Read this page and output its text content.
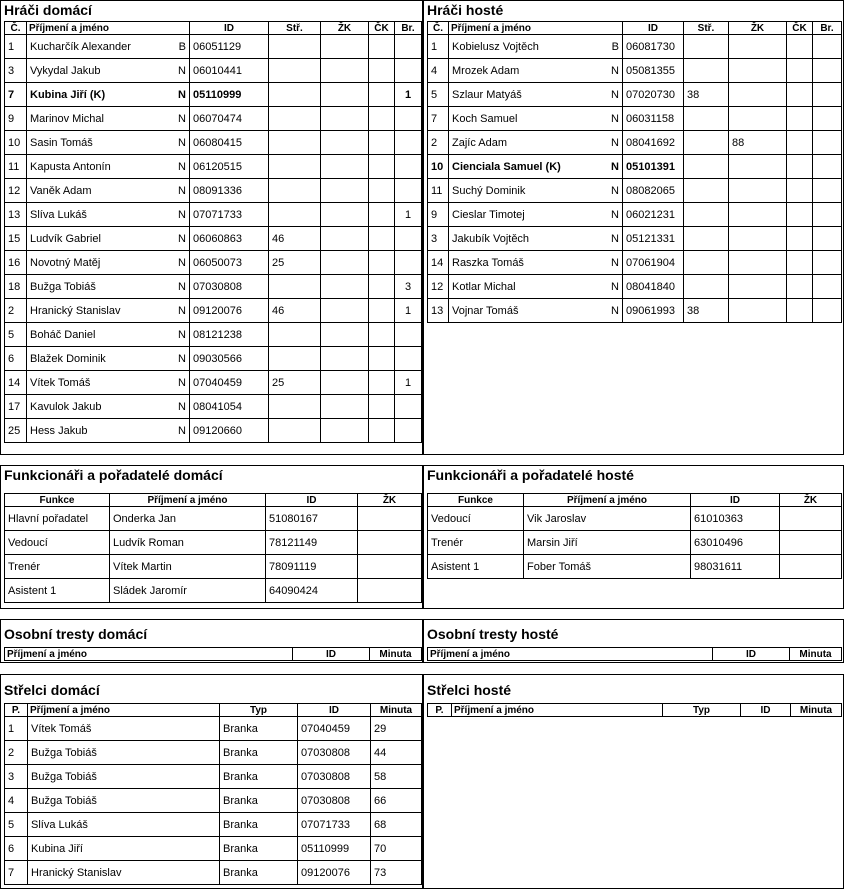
Hráči domácí
Č.	Příjmení a jméno	ID	Stř.	ŽK	ČK	Br.
1	Kucharčík Alexander B	06051129				
3	Vykydal Jakub N	06010441				
7	Kubina Jiří (K) N	05110999				1
9	Marinov Michal N	06070474				
10	Sasin Tomáš N	06080415				
11	Kapusta Antonín N	06120515				
12	Vaněk Adam N	08091336				
13	Slíva Lukáš N	07071733				1
15	Ludvík Gabriel N	06060863	46			
16	Novotný Matěj N	06050073	25			
18	Bužga Tobiáš N	07030808				3
2	Hranický Stanislav N	09120076	46			1
5	Boháč Daniel N	08121238				
6	Blažek Dominik N	09030566				
14	Vítek Tomáš N	07040459	25			1
17	Kavulok Jakub N	08041054				
25	Hess Jakub N	09120660				
Hráči hosté
Č.	Příjmení a jméno	ID	Stř.	ŽK	ČK	Br.
1	Kobielusz Vojtěch B	06081730				
4	Mrozek Adam N	05081355				
5	Szlaur Matyáš N	07020730	38			
7	Koch Samuel N	06031158				
2	Zajíc Adam N	08041692		88		
10	Cienciala Samuel (K) N	05101391				
11	Suchý Dominik N	08082065				
9	Cieslar Timotej N	06021231				
3	Jakubík Vojtěch N	05121331				
14	Raszka Tomáš N	07061904				
12	Kotlar Michal N	08041840				
13	Vojnar Tomáš N	09061993	38			
Funkcionáři a pořadatelé domácí
Funkce	Příjmení a jméno	ID	ŽK
Hlavní pořadatel	Onderka Jan	51080167	
Vedoucí	Ludvík Roman	78121149	
Trenér	Vítek Martin	78091119	
Asistent 1	Sládek Jaromír	64090424	
Funkcionáři a pořadatelé hosté
Funkce	Příjmení a jméno	ID	ŽK
Vedoucí	Vik Jaroslav	61010363	
Trenér	Marsin Jiří	63010496	
Asistent 1	Fober Tomáš	98031611	
Osobní tresty domácí
Příjmení a jméno	ID	Minuta
Osobní tresty hosté
Příjmení a jméno	ID	Minuta
Střelci domácí
P.	Příjmení a jméno	Typ	ID	Minuta
1	Vítek Tomáš	Branka	07040459	29
2	Bužga Tobiáš	Branka	07030808	44
3	Bužga Tobiáš	Branka	07030808	58
4	Bužga Tobiáš	Branka	07030808	66
5	Slíva Lukáš	Branka	07071733	68
6	Kubina Jiří	Branka	05110999	70
7	Hranický Stanislav	Branka	09120076	73
Střelci hosté
P.	Příjmení a jméno	Typ	ID	Minuta
